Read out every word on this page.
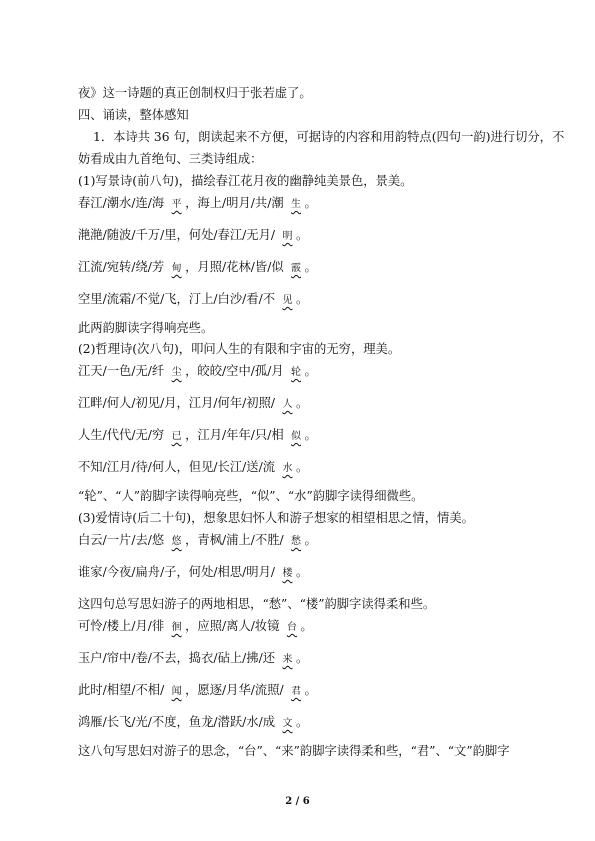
夜》这一诗题的真正创制权归于张若虚了。
四、诵读，整体感知
1．本诗共 36 句，朗读起来不方便，可据诗的内容和用韵特点(四句一韵)进行切分，不
妨看成由九首绝句、三类诗组成：
(1)写景诗(前八句)，描绘春江花月夜的幽静纯美景色，景美。
春江/潮水/连/海 平 ，海上/明月/共/潮 生 。
滟滟/随波/千万/里，何处/春江/无月/ 明 。
江流/宛转/绕/芳 甸 ，月照/花林/皆/似 霰 。
空里/流霜/不觉/飞，汀上/白沙/看/不 见 。
此两韵脚读字得响亮些。
(2)哲理诗(次八句)，叩问人生的有限和宇宙的无穷，理美。
江天/一色/无/纤 尘 ，皎皎/空中/孤/月 轮 。
江畔/何人/初见/月，江月/何年/初照/ 人 。
人生/代代/无/穷 已 ，江月/年年/只/相 似 。
不知/江月/待/何人，但见/长江/送/流 水 。
“轮”、“人”韵脚字读得响亮些，“似”、“水”韵脚字读得细微些。
(3)爱情诗(后二十句)，想象思妇怀人和游子想家的相望相思之情，情美。
白云/一片/去/悠 悠 ，青枫/浦上/不胜/ 愁 。
谁家/今夜/扁舟/子，何处/相思/明月/ 楼 。
这四句总写思妇游子的两地相思，“愁”、“楼”韵脚字读得柔和些。
可怜/楼上/月/徘 徊 ，应照/离人/妆镜 台 。
玉户/帘中/卷/不去，捣衣/砧上/拂/还 来 。
此时/相望/不相/ 闻 ，愿逐/月华/流照/ 君 。
鸿雁/长飞/光/不度，鱼龙/潜跃/水/成 文 。
这八句写思妇对游子的思念，“台”、“来”韵脚字读得柔和些，“君”、“文”韵脚字
2 / 6
